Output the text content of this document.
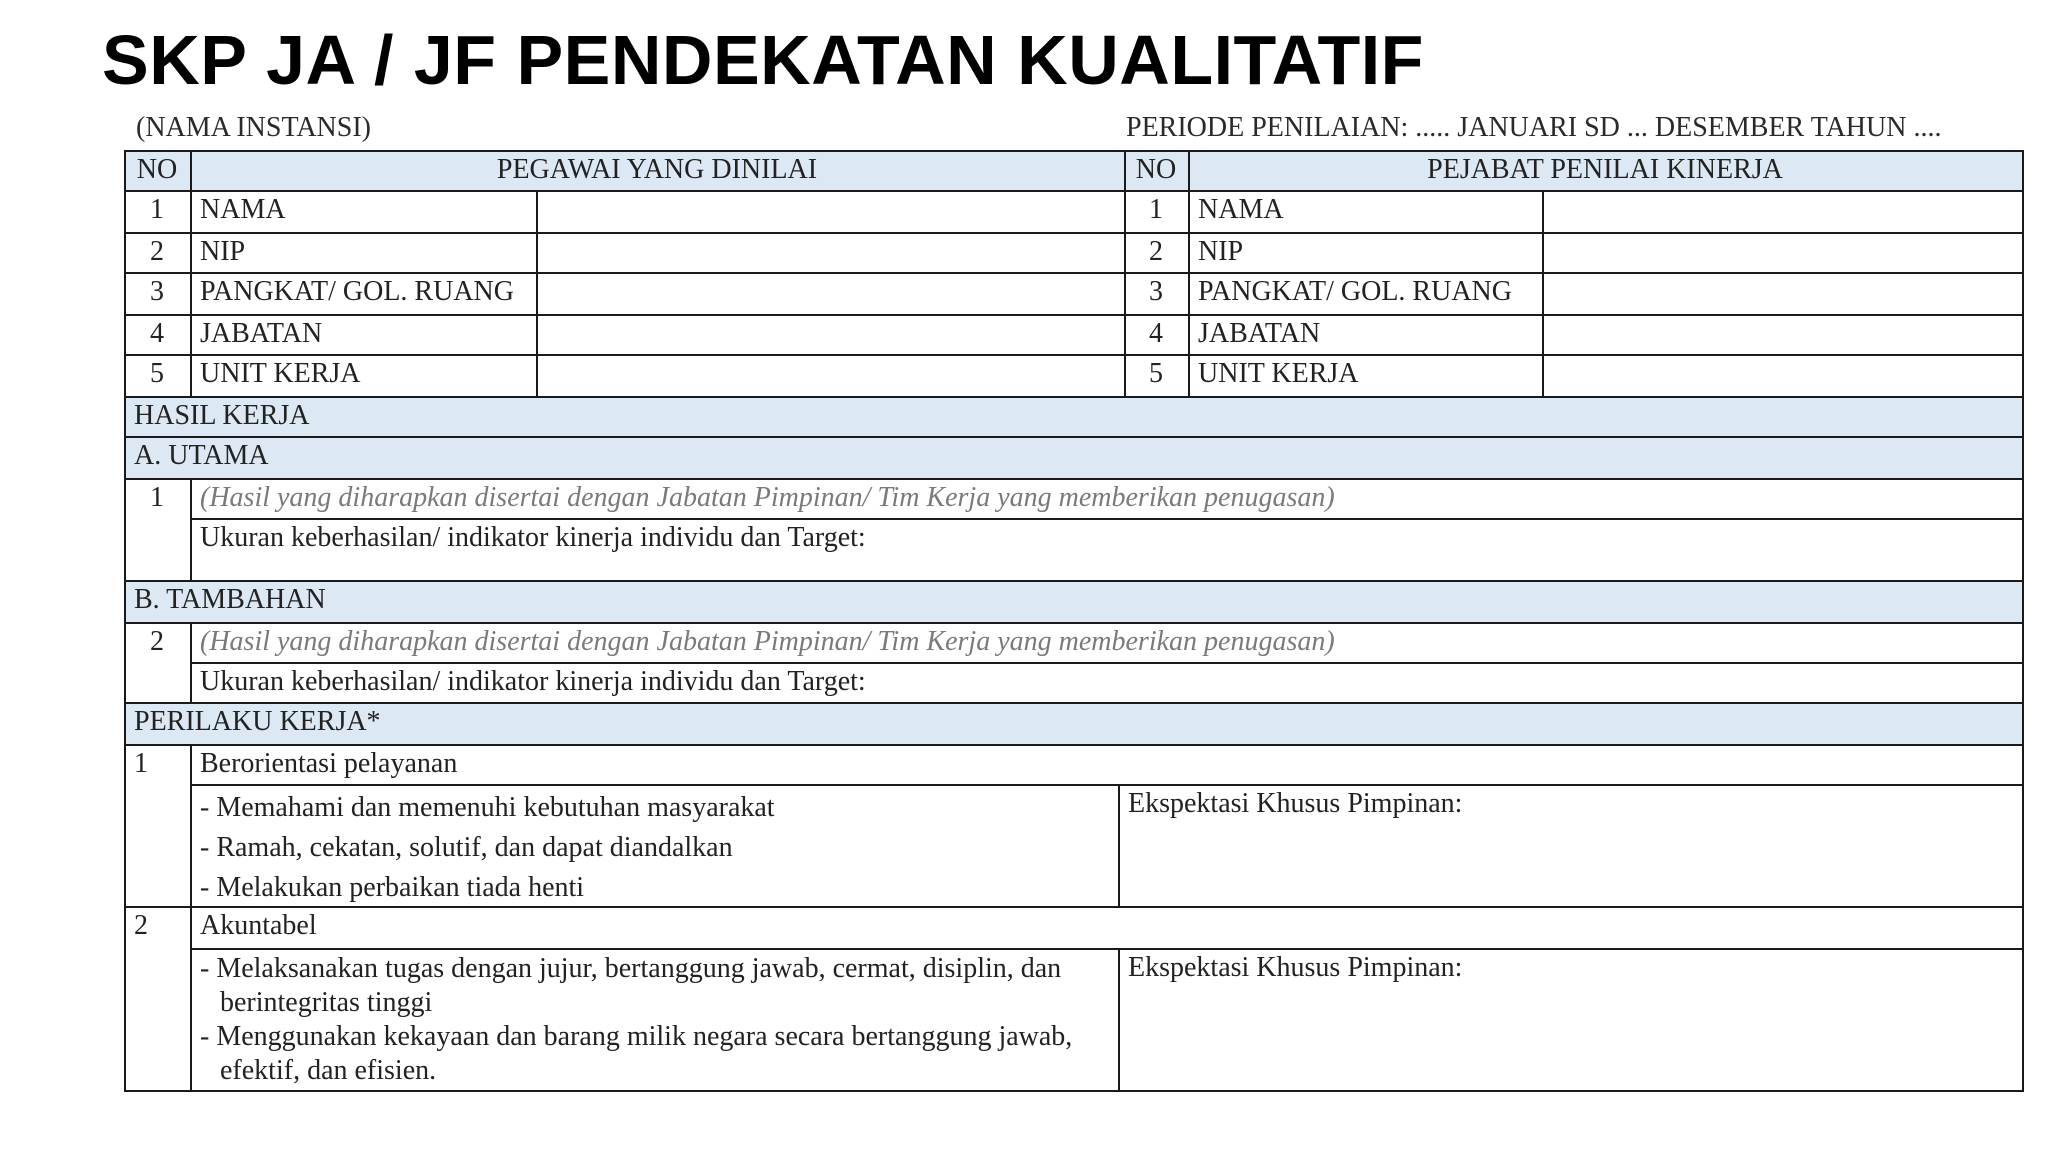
SKP JA / JF PENDEKATAN KUALITATIF
(NAMA INSTANSI)	PERIODE PENILAIAN: ..... JANUARI SD ... DESEMBER TAHUN ....
NO	PEGAWAI YANG DINILAI	NO	PEJABAT PENILAI KINERJA
1	NAMA	1	NAMA
2	NIP	2	NIP
3	PANGKAT/ GOL. RUANG	3	PANGKAT/ GOL. RUANG
4	JABATAN	4	JABATAN
5	UNIT KERJA	5	UNIT KERJA
HASIL KERJA
A. UTAMA
1	(Hasil yang diharapkan disertai dengan Jabatan Pimpinan/ Tim Kerja yang memberikan penugasan)
Ukuran keberhasilan/ indikator kinerja individu dan Target:
B. TAMBAHAN
2	(Hasil yang diharapkan disertai dengan Jabatan Pimpinan/ Tim Kerja yang memberikan penugasan)
Ukuran keberhasilan/ indikator kinerja individu dan Target:
PERILAKU KERJA*
1	Berorientasi pelayanan
- Memahami dan memenuhi kebutuhan masyarakat
- Ramah, cekatan, solutif, dan dapat diandalkan
- Melakukan perbaikan tiada henti
Ekspektasi Khusus Pimpinan:
2	Akuntabel
- Melaksanakan tugas dengan jujur, bertanggung jawab, cermat, disiplin, dan berintegritas tinggi
- Menggunakan kekayaan dan barang milik negara secara bertanggung jawab, efektif, dan efisien.
Ekspektasi Khusus Pimpinan:
